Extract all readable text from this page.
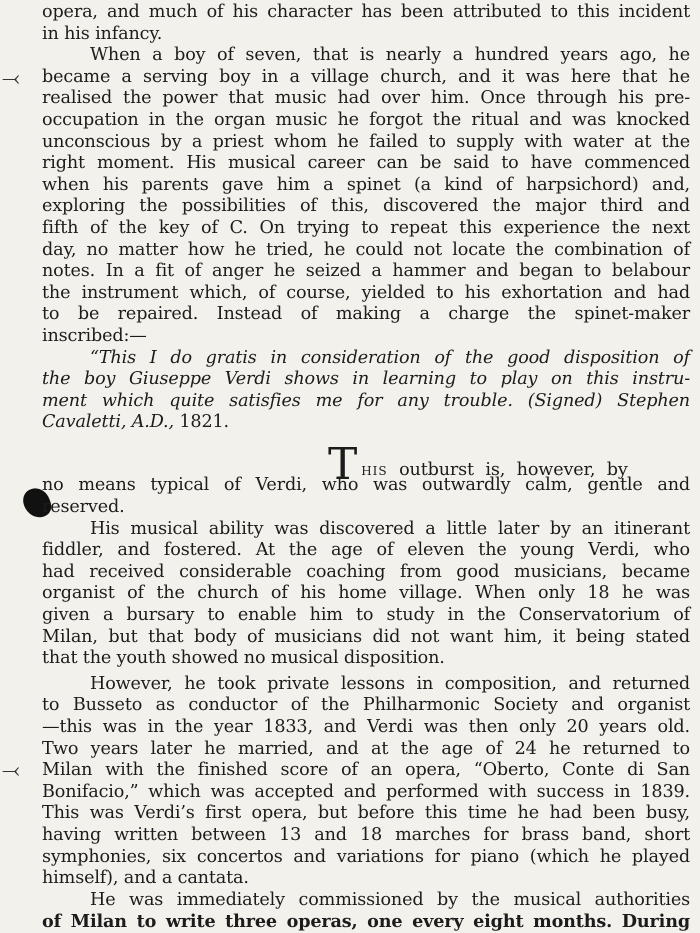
⤙
⤙
opera, and much of his character has been attributed to this incident
in his infancy.
When a boy of seven, that is nearly a hundred years ago, he
became a serving boy in a village church, and it was here that he
realised the power that music had over him. Once through his pre-
occupation in the organ music he forgot the ritual and was knocked
unconscious by a priest whom he failed to supply with water at the
right moment. His musical career can be said to have commenced
when his parents gave him a spinet (a kind of harpsichord) and,
exploring the possibilities of this, discovered the major third and
fifth of the key of C. On trying to repeat this experience the next
day, no matter how he tried, he could not locate the combination of
notes. In a fit of anger he seized a hammer and began to belabour
the instrument which, of course, yielded to his exhortation and had
to be repaired. Instead of making a charge the spinet-maker
inscribed:—
“This I do gratis in consideration of the good disposition of
the boy Giuseppe Verdi shows in learning to play on this instru-
ment which quite satisfies me for any trouble. (Signed) Stephen
Cavaletti, A.D., 1821.
This outburst is, however, by
no means typical of Verdi, who was outwardly calm, gentle and
reserved.
His musical ability was discovered a little later by an itinerant
fiddler, and fostered. At the age of eleven the young Verdi, who
had received considerable coaching from good musicians, became
organist of the church of his home village. When only 18 he was
given a bursary to enable him to study in the Conservatorium of
Milan, but that body of musicians did not want him, it being stated
that the youth showed no musical disposition.
However, he took private lessons in composition, and returned
to Busseto as conductor of the Philharmonic Society and organist
—this was in the year 1833, and Verdi was then only 20 years old.
Two years later he married, and at the age of 24 he returned to
Milan with the finished score of an opera, “Oberto, Conte di San
Bonifacio,” which was accepted and performed with success in 1839.
This was Verdi’s first opera, but before this time he had been busy,
having written between 13 and 18 marches for brass band, short
symphonies, six concertos and variations for piano (which he played
himself), and a cantata.
He was immediately commissioned by the musical authorities
of Milan to write three operas, one every eight months. During
